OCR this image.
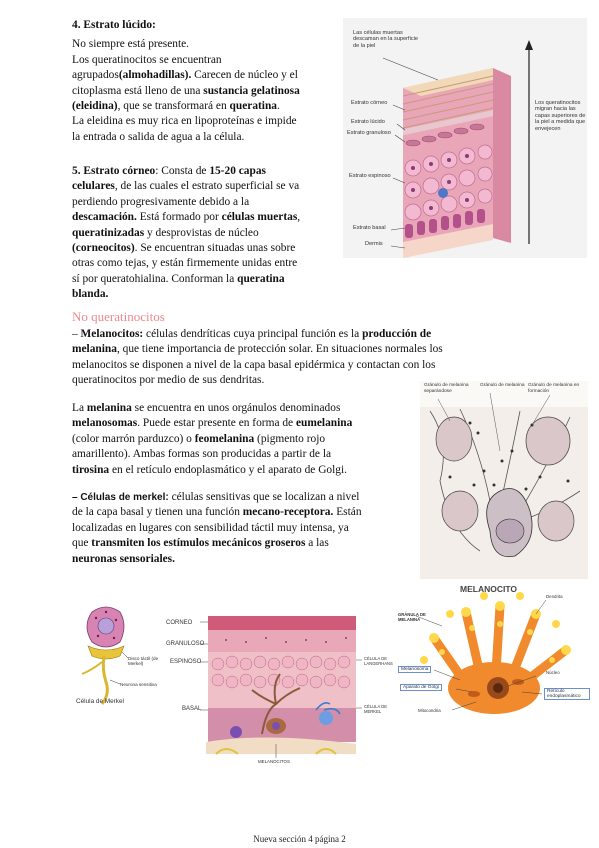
4. Estrato lúcido:

No siempre está presente.

Los queratinocitos se encuentran

agrupados(almohadillas). Carecen de núcleo y el

citoplasma está lleno de una sustancia gelatinosa

(eleidina), que se transformará en queratina.

La eleidina es muy rica en lipoproteínas e impide

la entrada o salida de agua a la célula.

5. Estrato córneo: Consta de 15-20 capas

celulares, de las cuales el estrato superficial se va

perdiendo progresivamente debido a la

descamación. Está formado por células muertas,

queratinizadas y desprovistas de núcleo

(corneocitos). Se encuentran situadas unas sobre

otras como tejas, y están firmemente unidas entre

sí por queratohialina. Conforman la queratina

blanda.

Las células muertas descaman en la superficie de la piel
Estrato córneo
Estrato lúcido
Estrato granuloso
Estrato espinoso
Estrato basal
Dermis
Los queratinocitos migran hacia las capas superiores de la piel a medida que envejecen
No queratinocitos

– Melanocitos: células dendríticas cuya principal función es la producción de

melanina, que tiene importancia de protección solar. En situaciones normales los

melanocitos se disponen a nivel de la capa basal epidérmica y contactan con los

queratinocitos por medio de sus dendritas.

La melanina se encuentra en unos orgánulos denominados

melanosomas. Puede estar presente en forma de eumelanina

(color marrón parduzco) o feomelanina (pigmento rojo

amarillento). Ambas formas son producidas a partir de la

tirosina en el retículo endoplasmático y el aparato de Golgi.

– Células de merkel: células sensitivas que se localizan a nivel

de la capa basal y tienen una función mecano-receptora. Están

localizadas en lugares con sensibilidad táctil muy intensa, ya

que transmiten los estímulos mecánicos groseros a las

neuronas sensoriales.

Gránulo de melanina separándose
Gránulo de melanina Gránulo de melanina en formación
Disco táctil (de Merkel)
Neurona sensitiva
Célula de Merkel
CORNEO
GRANULOSO
ESPINOSO
BASAL
CÉLULA DE LANGERHANS
CÉLULA DE MERKEL
MELANOCITOS
MELANOCITO
GRÁNULA DE MELANINA
Dendrita
Melanosoma
Aparato de Golgi
Núcleo
Retículo endoplasmático
Mitocondria
Nueva sección 4 página 2
